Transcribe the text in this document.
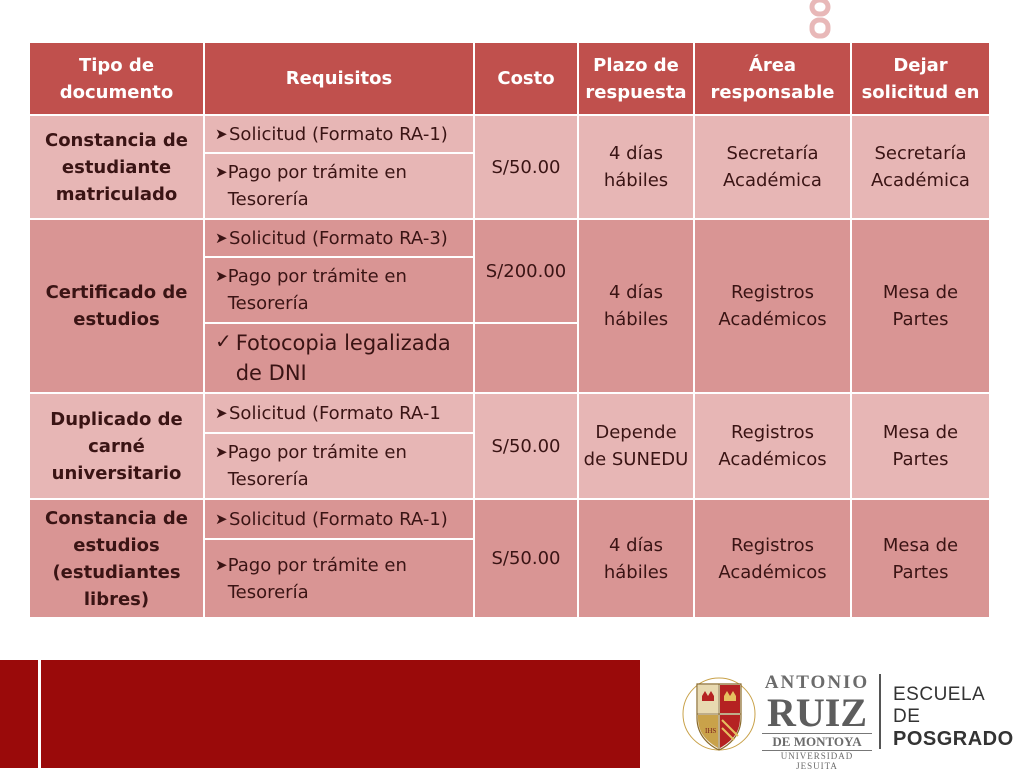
Tipo de documento	Requisitos	Costo	Plazo de respuesta	Área responsable	Dejar solicitud en
Constancia de estudiante matriculado	➤ Solicitud (Formato RA-1)	S/50.00	4 días hábiles	Secretaría Académica	Secretaría Académica

	➤ Pago por trámite en Tesorería				

Certificado de estudios	➤ Solicitud (Formato RA-3)	S/200.00	4 días hábiles	Registros Académicos	Mesa de Partes

	➤ Pago por trámite en Tesorería				

	✓ Fotocopia legalizada de DNI				

Duplicado de carné universitario	➤ Solicitud (Formato RA-1	S/50.00	Depende de SUNEDU	Registros Académicos	Mesa de Partes

	➤ Pago por trámite en Tesorería				

Constancia de estudios (estudiantes libres)	➤ Solicitud (Formato RA-1)	S/50.00	4 días hábiles	Registros Académicos	Mesa de Partes

	➤ Pago por trámite en Tesorería				
IHS
ANTONIO
RUIZ
DE MONTOYA
UNIVERSIDAD JESUITA
ESCUELA DE
POSGRADO
